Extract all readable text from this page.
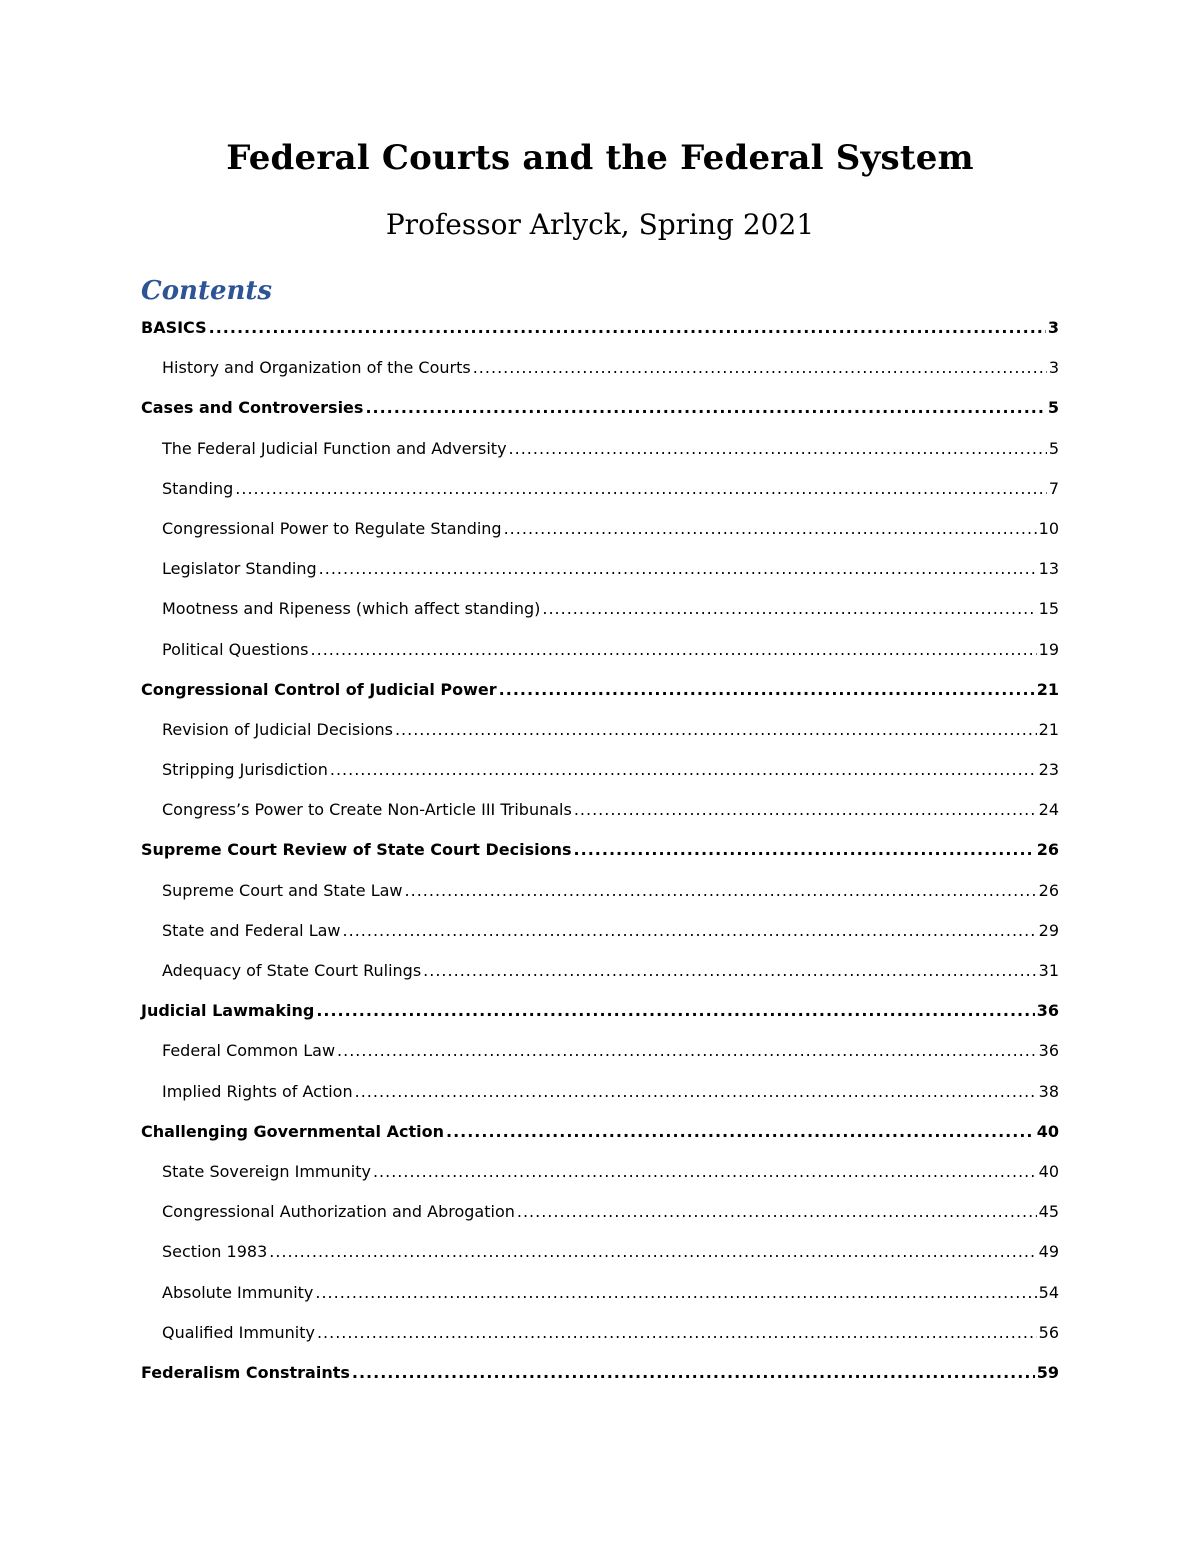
Federal Courts and the Federal System
Professor Arlyck, Spring 2021
Contents
BASICS .....	3
History and Organization of the Courts .....	3
Cases and Controversies .....	5
The Federal Judicial Function and Adversity .....	5
Standing .....	7
Congressional Power to Regulate Standing .....	10
Legislator Standing .....	13
Mootness and Ripeness (which affect standing) .....	15
Political Questions .....	19
Congressional Control of Judicial Power .....	21
Revision of Judicial Decisions .....	21
Stripping Jurisdiction .....	23
Congress’s Power to Create Non-Article III Tribunals .....	24
Supreme Court Review of State Court Decisions .....	26
Supreme Court and State Law .....	26
State and Federal Law .....	29
Adequacy of State Court Rulings .....	31
Judicial Lawmaking .....	36
Federal Common Law .....	36
Implied Rights of Action .....	38
Challenging Governmental Action .....	40
State Sovereign Immunity .....	40
Congressional Authorization and Abrogation .....	45
Section 1983 .....	49
Absolute Immunity .....	54
Qualified Immunity .....	56
Federalism Constraints .....	59
